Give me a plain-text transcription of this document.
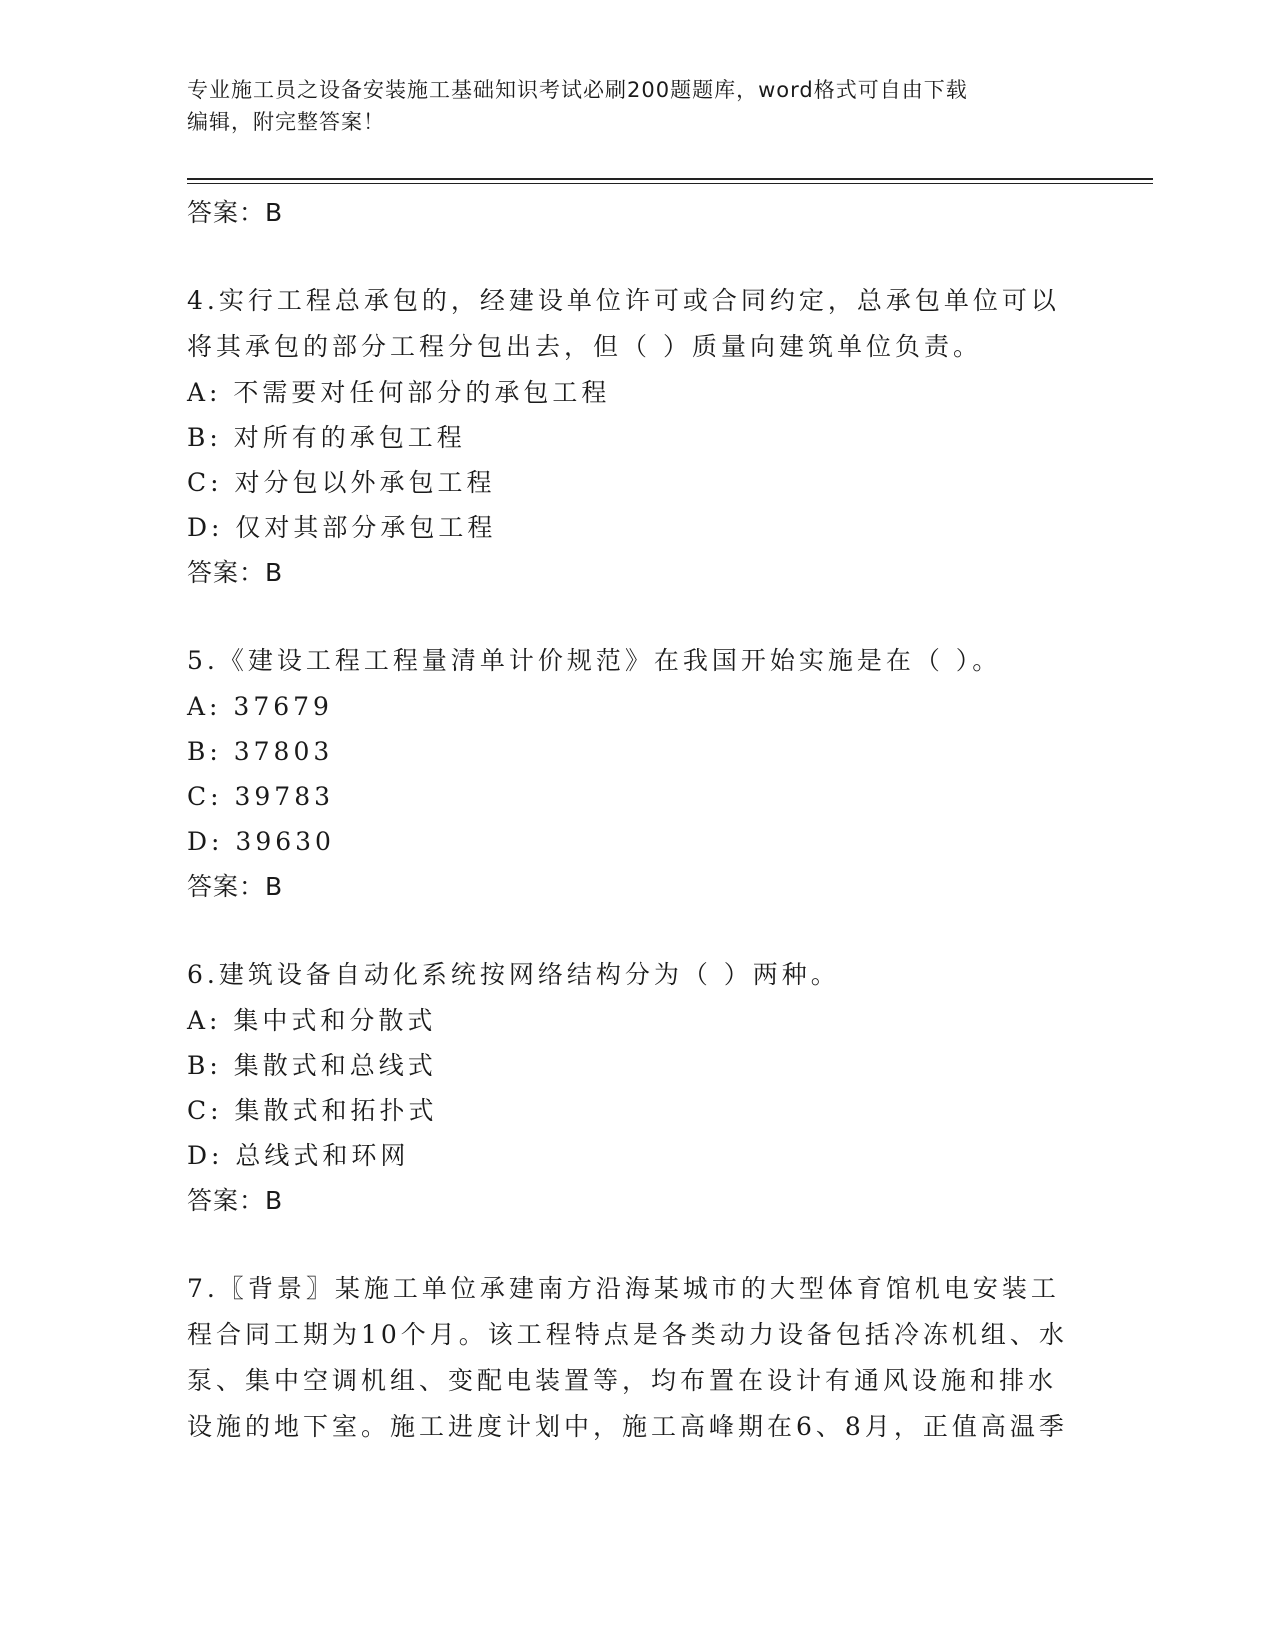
专业施工员之设备安装施工基础知识考试必刷200题题库，word格式可自由下载
编辑，附完整答案！
答案：B
4.实行工程总承包的，经建设单位许可或合同约定，总承包单位可以
将其承包的部分工程分包出去，但（ ）质量向建筑单位负责。
A: 不需要对任何部分的承包工程
B: 对所有的承包工程
C: 对分包以外承包工程
D: 仅对其部分承包工程
答案：B
5.《建设工程工程量清单计价规范》在我国开始实施是在（ ）。
A: 37679
B: 37803
C: 39783
D: 39630
答案：B
6.建筑设备自动化系统按网络结构分为（ ）两种。
A: 集中式和分散式
B: 集散式和总线式
C: 集散式和拓扑式
D: 总线式和环网
答案：B
7.〖背景〗某施工单位承建南方沿海某城市的大型体育馆机电安装工
程合同工期为10个月。该工程特点是各类动力设备包括冷冻机组、水
泵、集中空调机组、变配电装置等，均布置在设计有通风设施和排水
设施的地下室。施工进度计划中，施工高峰期在6、8月，正值高温季
